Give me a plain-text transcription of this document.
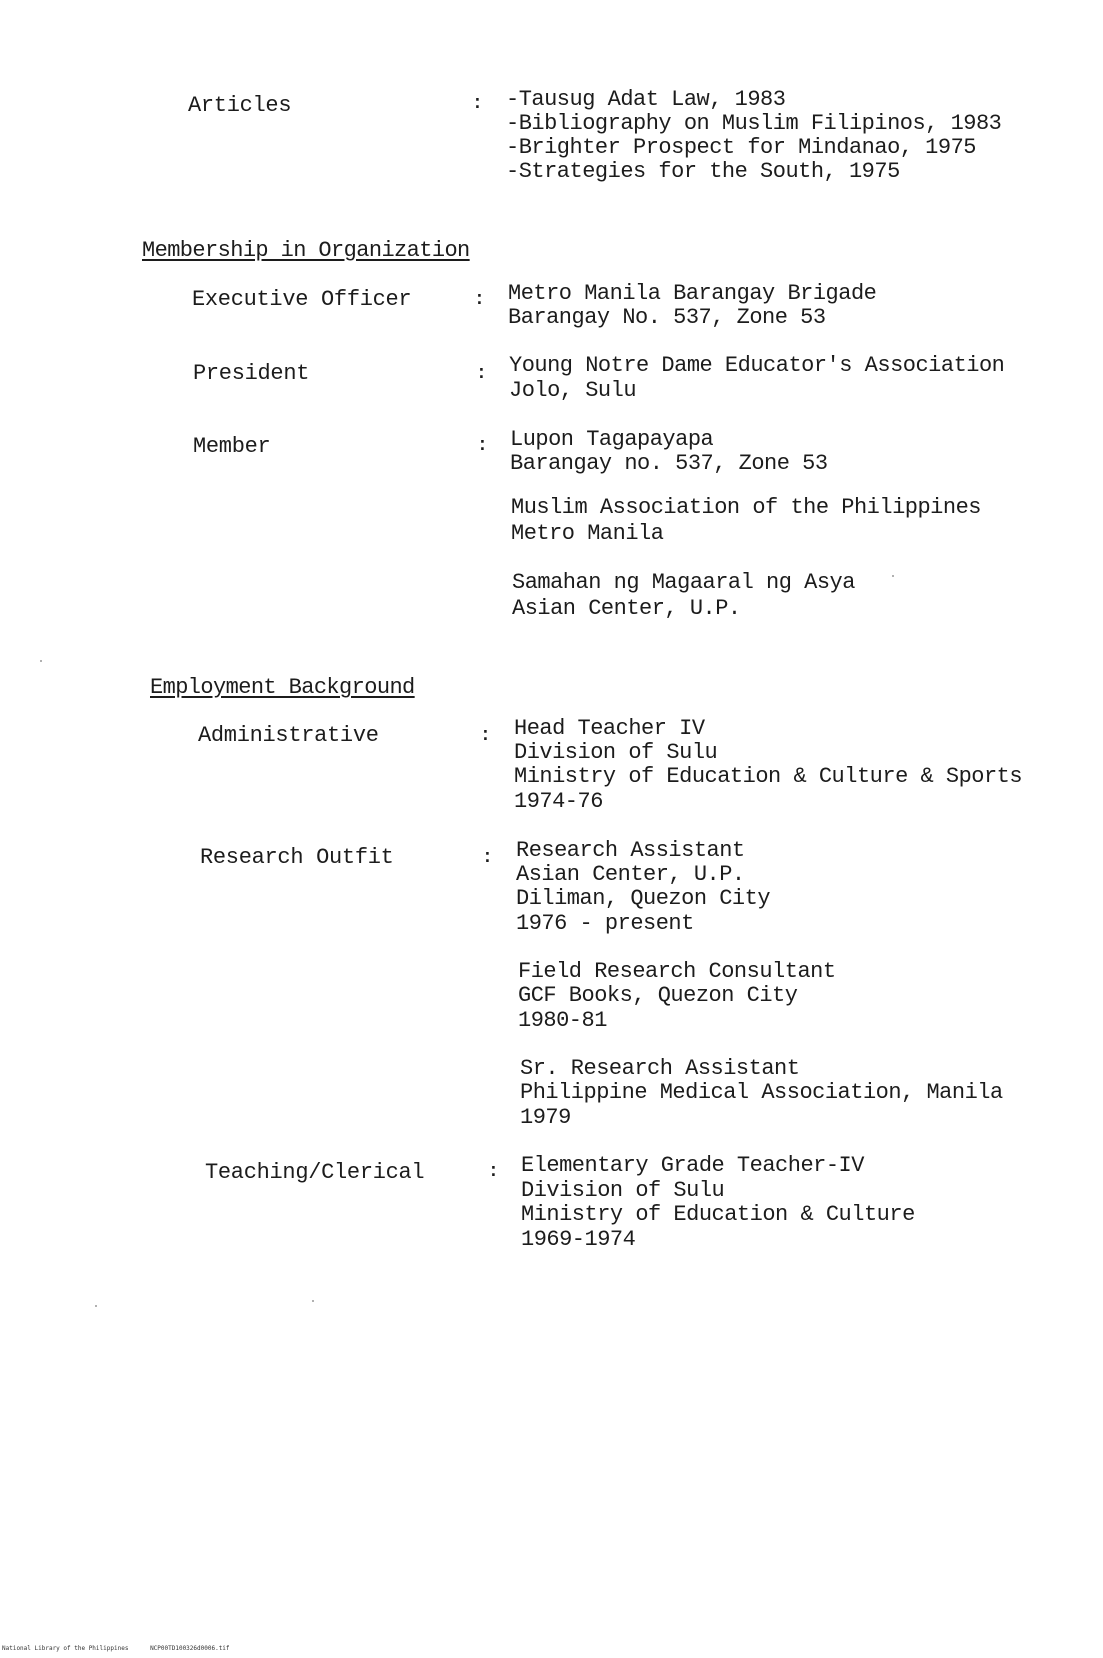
Articles	: -Tausug Adat Law, 1983
-Bibliography on Muslim Filipinos, 1983
-Brighter Prospect for Mindanao, 1975
-Strategies for the South, 1975
Membership in Organization
Executive Officer	: Metro Manila Barangay Brigade
Barangay No. 537, Zone 53
President	: Young Notre Dame Educator's Association
Jolo, Sulu
Member	: Lupon Tagapayapa
Barangay no. 537, Zone 53
Muslim Association of the Philippines
Metro Manila
Samahan ng Magaaral ng Asya
Asian Center, U.P.
Employment Background
Administrative	: Head Teacher IV
Division of Sulu
Ministry of Education & Culture & Sports
1974-76
Research Outfit	: Research Assistant
Asian Center, U.P.
Diliman, Quezon City
1976 - present
Field Research Consultant
GCF Books, Quezon City
1980-81
Sr. Research Assistant
Philippine Medical Association, Manila
1979
Teaching/Clerical	: Elementary Grade Teacher-IV
Division of Sulu
Ministry of Education & Culture
1969-1974
National Library of the Philippines	NCP00TD100326d0006.tif
